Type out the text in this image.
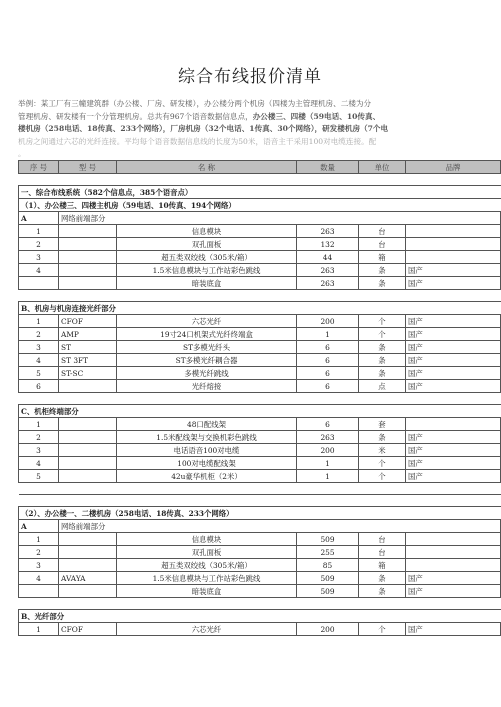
综合布线报价清单
举例：某工厂有三幢建筑群（办公楼、厂房、研发楼），办公楼分两个机房（四楼为主管理机房、二楼为分
管理机房、研发楼有一个分管理机房。总共有967个语音数据信息点，办公楼三、四楼（59电话、10传真、
楼机房（258电话、18传真、233个网络），厂房机房（32个电话、1传真、30个网络），研发楼机房（7个电
机房之间通过六芯的光纤连接。平均每个语音数据信息线的长度为50米，语音主干采用100对电缆连接。配
。
序 号	型 号	名 称	数量	单位	品牌

一、综合布线系统（582个信息点，385个语音点）					
（1）、办公楼三、四楼主机房（59电话、10传真、194个网络）					
A	网络前端部分				
1		信息模块	263	台	
2		双孔面板	132	台	
3		超五类双绞线（305米/箱）	44	箱	
4		1.5米信息模块与工作站彩色跳线	263	条	国产
		暗装底盒	263	条	国产

B、机房与机房连接光纤部分					
1	CFOF	六芯光纤	200	个	国产
2	AMP	19寸24口机架式光纤终端盒	1	个	国产
3	ST	ST多模光纤头	6	条	国产
4	ST 3FT	ST多模光纤耦合器	6	条	国产
5	ST-SC	多模光纤跳线	6	条	国产
6		光纤熔接	6	点	国产

C、机柜终端部分					
1		48口配线架	6	套	
2		1.5米配线架与交换机彩色跳线	263	条	国产
3		电话语音100对电缆	200	米	国产
4		100对电缆配线架	1	个	国产
5		42u豪华机柜（2米）	1	个	国产

（2）、办公楼一、二楼机房（258电话、18传真、233个网络）					
A	网络前端部分				
1		信息模块	509	台	
2		双孔面板	255	台	
3		超五类双绞线（305米/箱）	85	箱	
4	AVAYA	1.5米信息模块与工作站彩色跳线	509	条	国产
		暗装底盒	509	条	国产

B、光纤部分					
1	CFOF	六芯光纤	200	个	国产
